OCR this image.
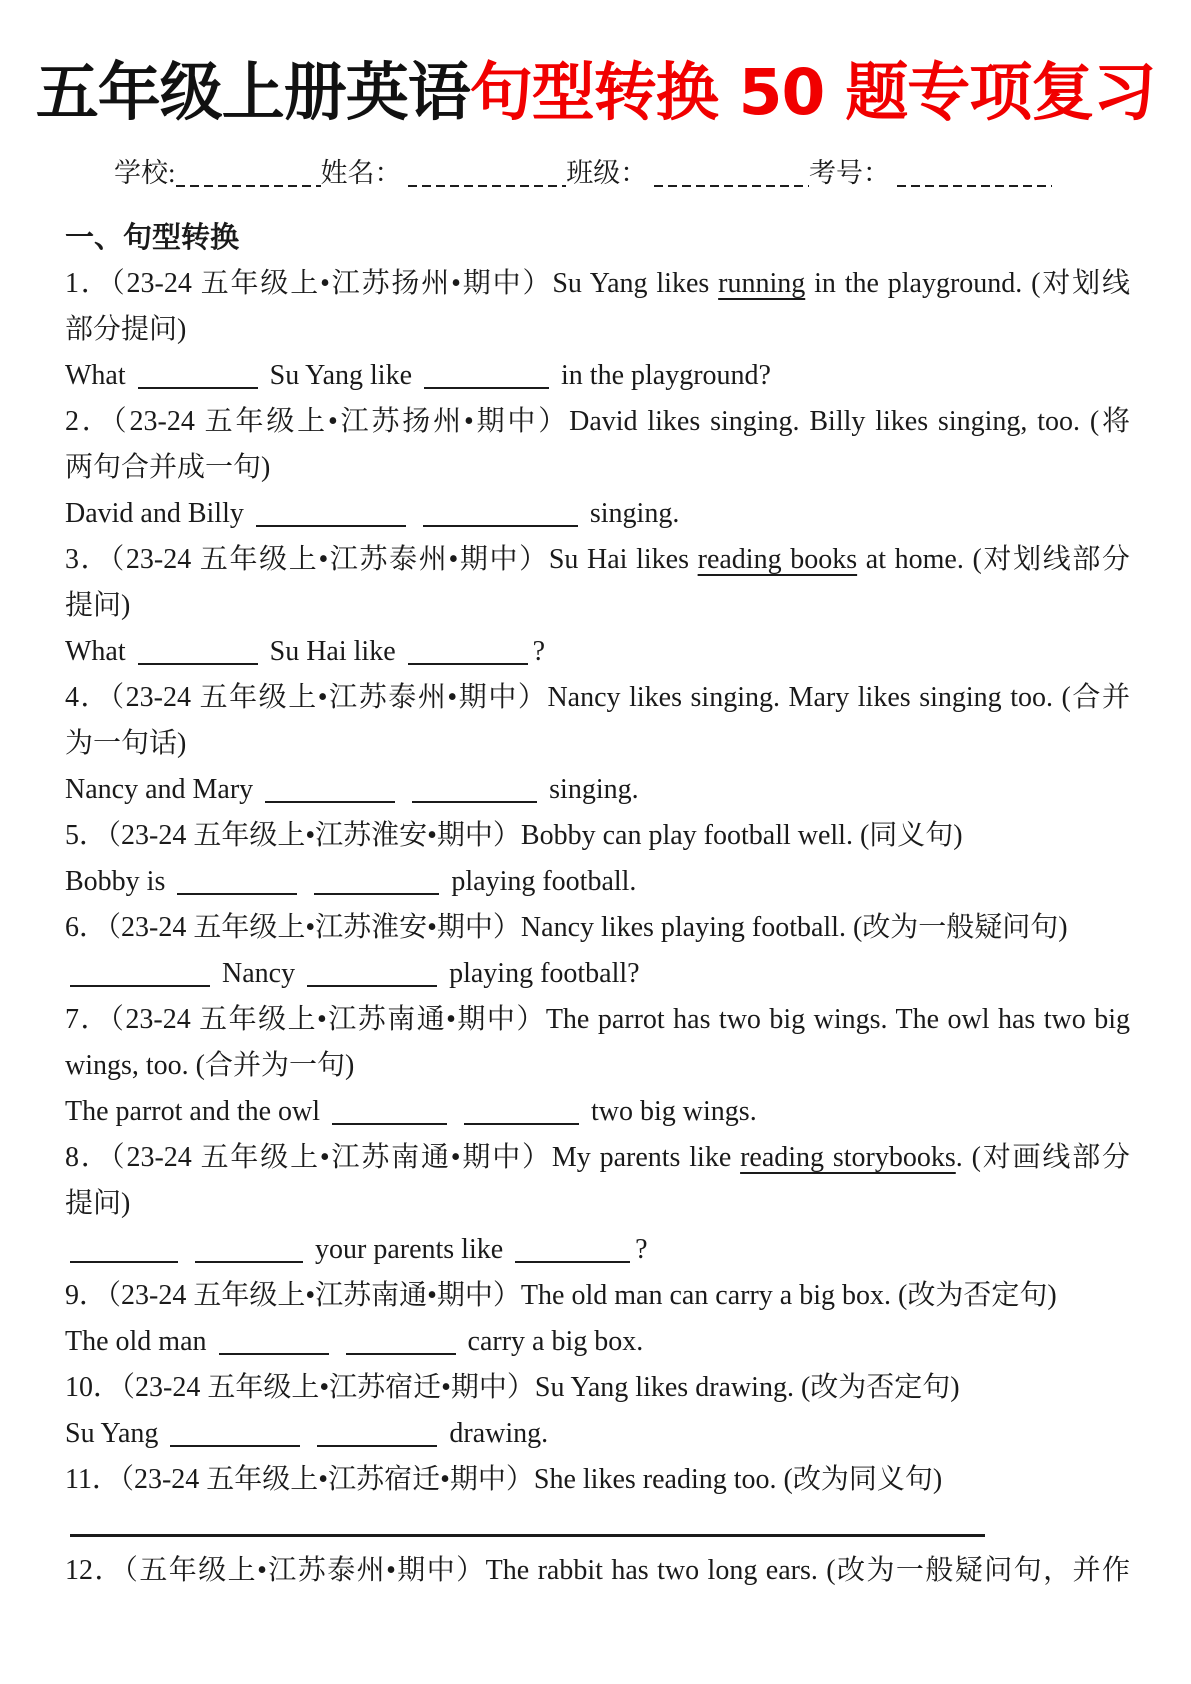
五年级上册英语句型转换 50 题专项复习
学校:	姓名：	班级：	考号：
一、句型转换
1．（23-24 五年级上•江苏扬州•期中）Su Yang likes running in the playground. (对划线
部分提问)
What	Su Yang like	in the playground?
2．（23-24 五年级上•江苏扬州•期中）David likes singing. Billy likes singing, too. (将
两句合并成一句)
David and Billy	singing.
3．（23-24 五年级上•江苏泰州•期中）Su Hai likes reading books at home. (对划线部分
提问)
What	Su Hai like	?
4．（23-24 五年级上•江苏泰州•期中）Nancy likes singing. Mary likes singing too. (合并
为一句话)
Nancy and Mary	singing.
5．（23-24 五年级上•江苏淮安•期中）Bobby can play football well. (同义句)
Bobby is	playing football.
6．（23-24 五年级上•江苏淮安•期中）Nancy likes playing football. (改为一般疑问句)
Nancy	playing football?
7．（23-24 五年级上•江苏南通•期中）The parrot has two big wings. The owl has two big
wings, too. (合并为一句)
The parrot and the owl	two big wings.
8．（23-24 五年级上•江苏南通•期中）My parents like reading storybooks. (对画线部分
提问)
your parents like	?
9．（23-24 五年级上•江苏南通•期中）The old man can carry a big box. (改为否定句)
The old man	carry a big box.
10．（23-24 五年级上•江苏宿迁•期中）Su Yang likes drawing. (改为否定句)
Su Yang	drawing.
11．（23-24 五年级上•江苏宿迁•期中）She likes reading too. (改为同义句)
12．（五年级上•江苏泰州•期中）The rabbit has two long ears. (改为一般疑问句，并作
